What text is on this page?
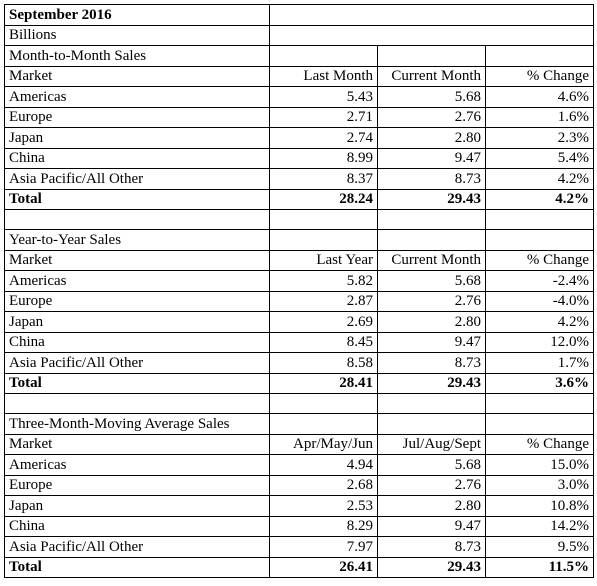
September 2016			
Billions			
Month-to-Month Sales			
Market	Last Month	Current Month	% Change
Americas	5.43	5.68	4.6%
Europe	2.71	2.76	1.6%
Japan	2.74	2.80	2.3%
China	8.99	9.47	5.4%
Asia Pacific/All Other	8.37	8.73	4.2%
Total	28.24	29.43	4.2%

Year-to-Year Sales			
Market	Last Year	Current Month	% Change
Americas	5.82	5.68	-2.4%
Europe	2.87	2.76	-4.0%
Japan	2.69	2.80	4.2%
China	8.45	9.47	12.0%
Asia Pacific/All Other	8.58	8.73	1.7%
Total	28.41	29.43	3.6%

Three-Month-Moving Average Sales			
Market	Apr/May/Jun	Jul/Aug/Sept	% Change
Americas	4.94	5.68	15.0%
Europe	2.68	2.76	3.0%
Japan	2.53	2.80	10.8%
China	8.29	9.47	14.2%
Asia Pacific/All Other	7.97	8.73	9.5%
Total	26.41	29.43	11.5%
